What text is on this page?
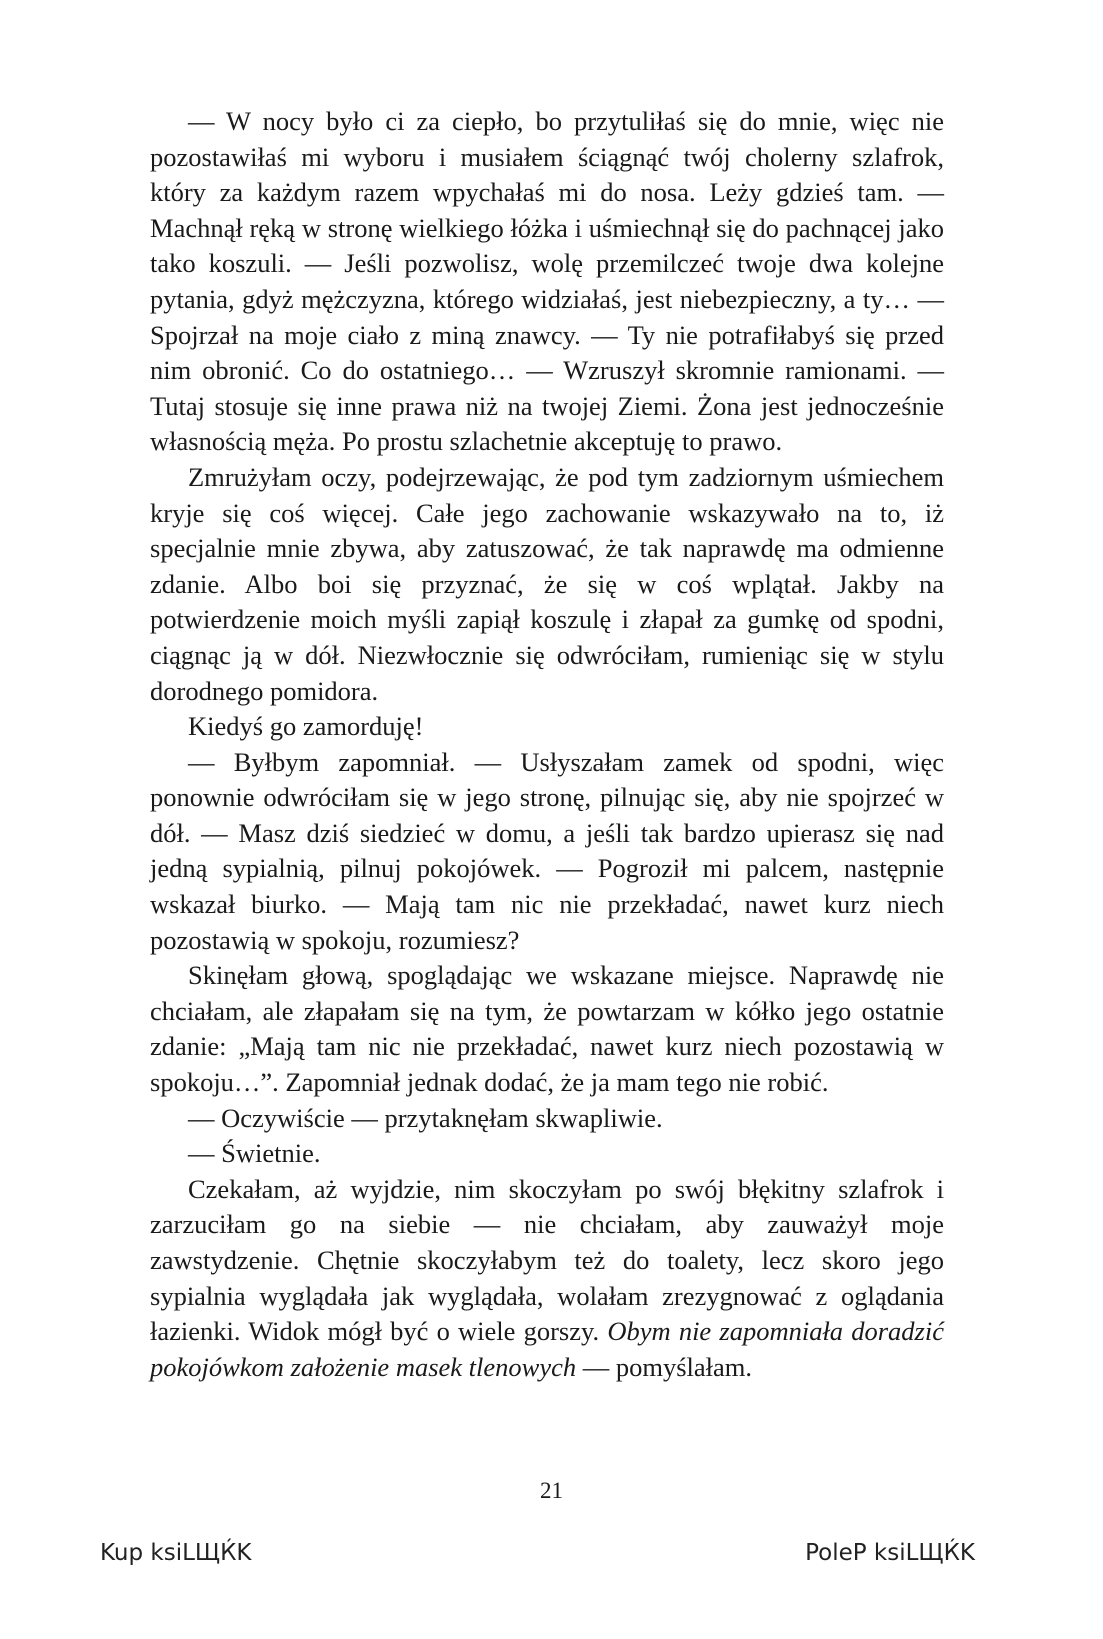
— W nocy było ci za ciepło, bo przytuliłaś się do mnie, więc nie pozostawiłaś mi wyboru i musiałem ściągnąć twój cholerny szlafrok, który za każdym razem wpychałaś mi do nosa. Leży gdzieś tam. — Machnął ręką w stronę wielkiego łóżka i uśmiechnął się do pachnącej jako tako koszuli. — Jeśli pozwolisz, wolę przemilczeć twoje dwa kolejne pytania, gdyż mężczyzna, którego widziałaś, jest niebezpieczny, a ty… — Spojrzał na moje ciało z miną znawcy. — Ty nie potrafiłabyś się przed nim obronić. Co do ostatniego… — Wzruszył skromnie ramionami. — Tutaj stosuje się inne prawa niż na twojej Ziemi. Żona jest jednocześnie własnością męża. Po prostu szlachetnie akceptuję to prawo.

Zmrużyłam oczy, podejrzewając, że pod tym zadziornym uśmiechem kryje się coś więcej. Całe jego zachowanie wskazywało na to, iż specjalnie mnie zbywa, aby zatuszować, że tak naprawdę ma odmienne zdanie. Albo boi się przyznać, że się w coś wplątał. Jakby na potwierdzenie moich myśli zapiął koszulę i złapał za gumkę od spodni, ciągnąc ją w dół. Niezwłocznie się odwróciłam, rumieniąc się w stylu dorodnego pomidora.

Kiedyś go zamorduję!

— Byłbym zapomniał. — Usłyszałam zamek od spodni, więc ponownie odwróciłam się w jego stronę, pilnując się, aby nie spojrzeć w dół. — Masz dziś siedzieć w domu, a jeśli tak bardzo upierasz się nad jedną sypialnią, pilnuj pokojówek. — Pogroził mi palcem, następnie wskazał biurko. — Mają tam nic nie przekładać, nawet kurz niech pozostawią w spokoju, rozumiesz?

Skinęłam głową, spoglądając we wskazane miejsce. Naprawdę nie chciałam, ale złapałam się na tym, że powtarzam w kółko jego ostatnie zdanie: „Mają tam nic nie przekładać, nawet kurz niech pozostawią w spokoju…”. Zapomniał jednak dodać, że ja mam tego nie robić.

— Oczywiście — przytaknęłam skwapliwie.

— Świetnie.

Czekałam, aż wyjdzie, nim skoczyłam po swój błękitny szlafrok i zarzuciłam go na siebie — nie chciałam, aby zauważył moje zawstydzenie. Chętnie skoczyłabym też do toalety, lecz skoro jego sypialnia wyglądała jak wyglądała, wolałam zrezygnować z oglądania łazienki. Widok mógł być o wiele gorszy. Obym nie zapomniała doradzić pokojówkom założenie masek tlenowych — pomyślałam.

21
Kup ksiLЩЌK	PoleP ksiLЩЌK
